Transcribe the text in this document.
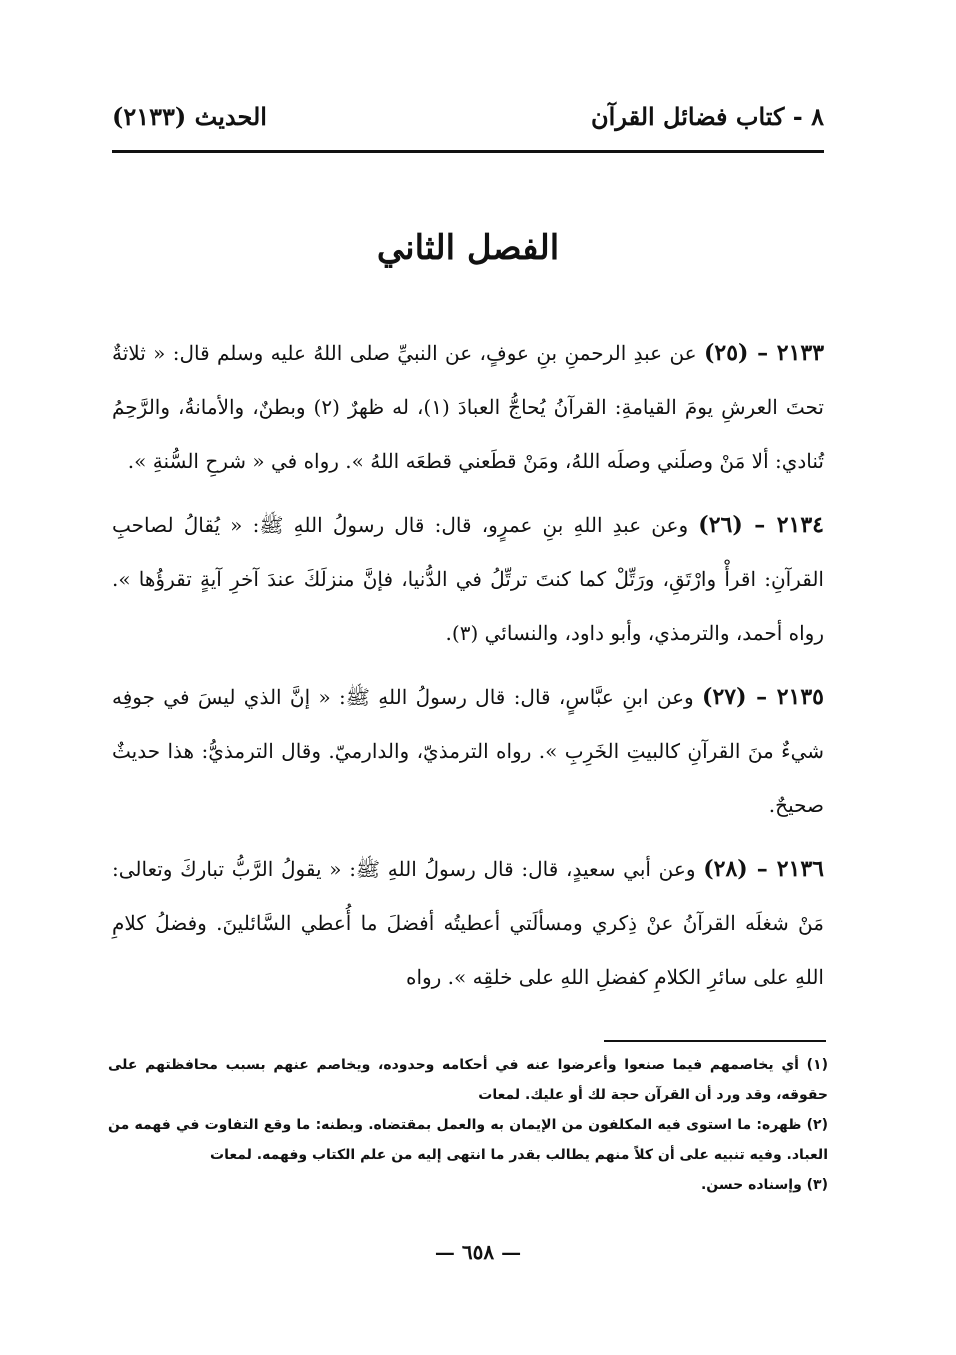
٨ - كتاب فضائل القرآن
الحديث (٢١٣٣)
الفصل الثاني

٢١٣٣ – (٢٥) عن عبدِ الرحمنِ بنِ عوفٍ، عن النبيِّ صلى اللهُ عليه وسلم قال: « ثلاثةٌ تحتَ العرشِ يومَ القيامةِ: القرآنُ يُحاجُّ العبادَ (١)، له ظهرٌ (٢) وبطنٌ، والأمانةُ، والرَّحِمُ تُنادي: ألا مَنْ وصلَني وصلَه اللهُ، ومَنْ قطَعني قطعَه اللهُ ». رواه في « شرحِ السُّنةِ ».

٢١٣٤ – (٢٦) وعن عبدِ اللهِ بنِ عمرٍو، قال: قال رسولُ اللهِ ﷺ: « يُقالُ لصاحبِ القرآنِ: اقرأْ وارْتَقِ، ورَتِّلْ كما كنتَ ترتِّلُ في الدُّنيا، فإنَّ منزلَكَ عندَ آخرِ آيةٍ تقرؤُها ». رواه أحمد، والترمذي، وأبو داود، والنسائي (٣).

٢١٣٥ – (٢٧) وعن ابنِ عبَّاسٍ، قال: قال رسولُ اللهِ ﷺ: « إنَّ الذي ليسَ في جوفِه شيءٌ منَ القرآنِ كالبيتِ الخَرِبِ ». رواه الترمذيّ، والدارميّ. وقال الترمذيُّ: هذا حديثٌ صحيحٌ.

٢١٣٦ – (٢٨) وعن أبي سعيدٍ، قال: قال رسولُ اللهِ ﷺ: « يقولُ الرَّبُّ تباركَ وتعالى: مَنْ شغلَه القرآنُ عنْ ذِكري ومسألَتي أعطيتُه أفضلَ ما أُعطي السَّائلينَ. وفضلُ كلامِ اللهِ على سائرِ الكلامِ كفضلِ اللهِ على خلقِه ». رواه

(١) أي يخاصمهم فيما صنعوا وأعرضوا عنه في أحكامه وحدوده، ويخاصم عنهم بسبب محافظتهم على حقوقه، وقد ورد أن القرآن حجة لك أو عليك. لمعات

(٢) ظهره: ما استوى فيه المكلفون من الإيمان به والعمل بمقتضاه. وبطنه: ما وقع التفاوت في فهمه من العباد. وفيه تنبيه على أن كلاً منهم يطالب بقدر ما انتهى إليه من علم الكتاب وفهمه. لمعات

(٣) وإسناده حسن.

— ٦٥٨ —
